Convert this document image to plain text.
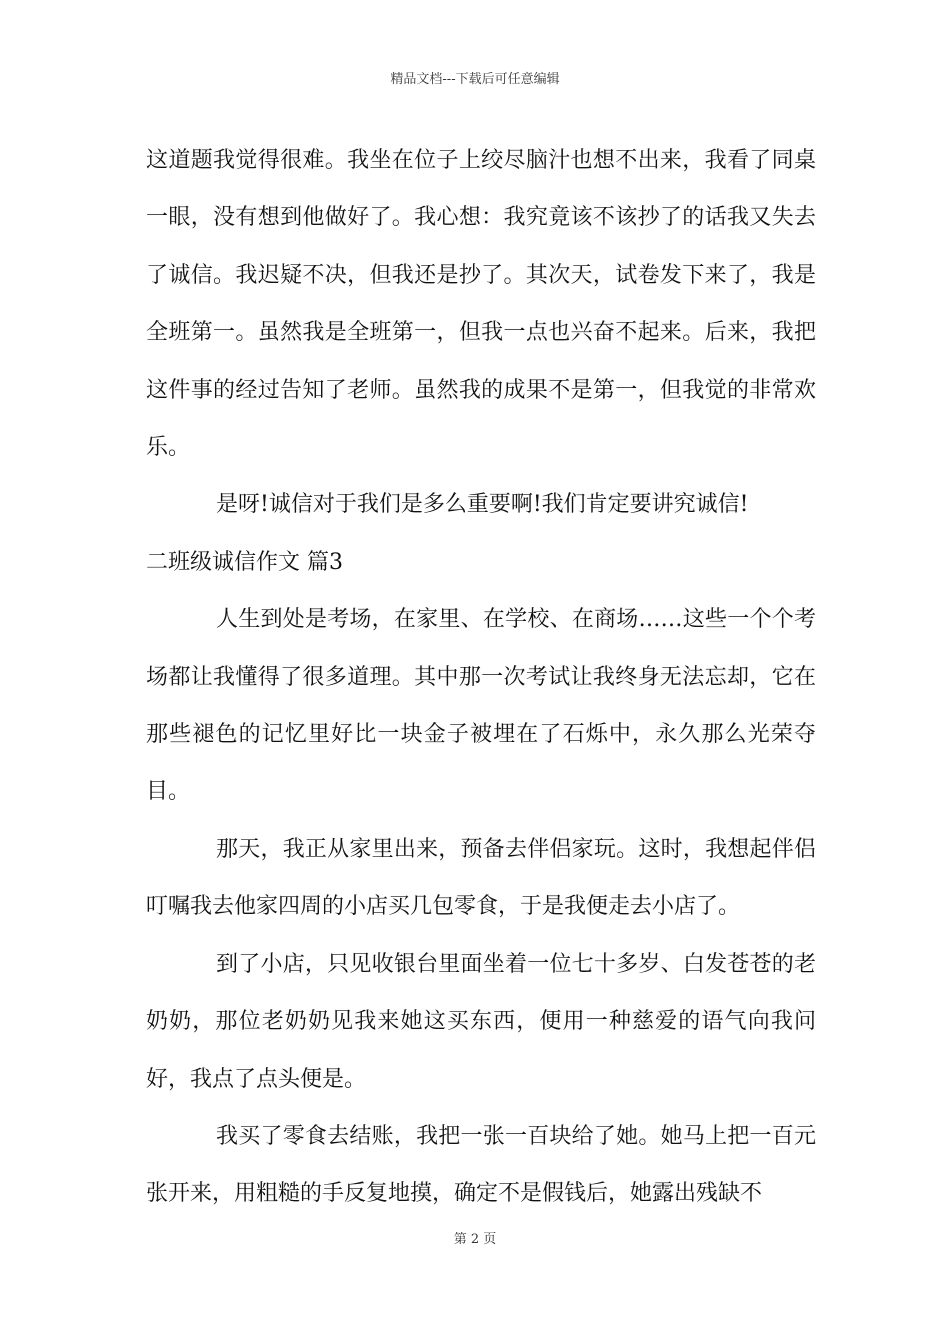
精品文档---下载后可任意编辑

这道题我觉得很难。我坐在位子上绞尽脑汁也想不出来，我看了同桌一眼，没有想到他做好了。我心想：我究竟该不该抄了的话我又失去了诚信。我迟疑不决，但我还是抄了。其次天，试卷发下来了，我是全班第一。虽然我是全班第一，但我一点也兴奋不起来。后来，我把这件事的经过告知了老师。虽然我的成果不是第一，但我觉的非常欢乐。

是呀!诚信对于我们是多么重要啊!我们肯定要讲究诚信!

二班级诚信作文 篇3

人生到处是考场，在家里、在学校、在商场……这些一个个考场都让我懂得了很多道理。其中那一次考试让我终身无法忘却，它在那些褪色的记忆里好比一块金子被埋在了石烁中，永久那么光荣夺目。

那天，我正从家里出来，预备去伴侣家玩。这时，我想起伴侣叮嘱我去他家四周的小店买几包零食，于是我便走去小店了。

到了小店，只见收银台里面坐着一位七十多岁、白发苍苍的老奶奶，那位老奶奶见我来她这买东西，便用一种慈爱的语气向我问好，我点了点头便是。

我买了零食去结账，我把一张一百块给了她。她马上把一百元张开来，用粗糙的手反复地摸，确定不是假钱后，她露出残缺不

第 2 页
